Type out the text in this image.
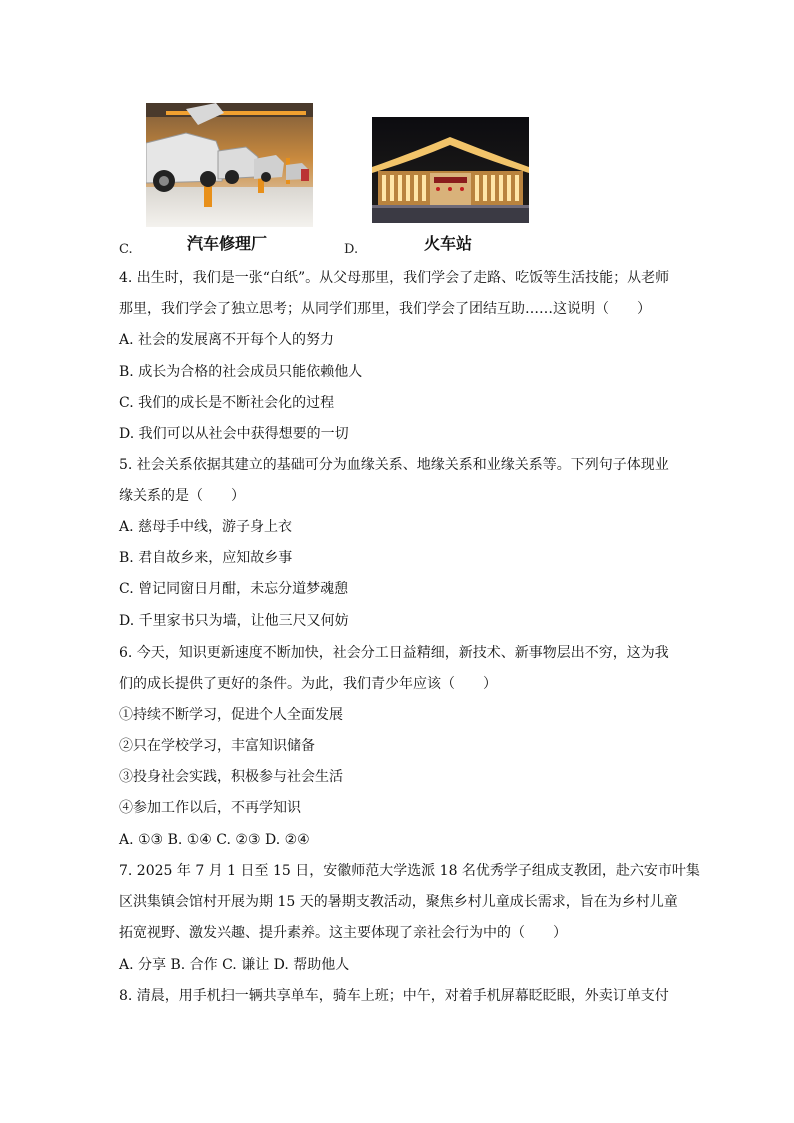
C.	汽车修理厂	D.	火车站
4. 出生时，我们是一张“白纸”。从父母那里，我们学会了走路、吃饭等生活技能；从老师
那里，我们学会了独立思考；从同学们那里，我们学会了团结互助……这说明（　　）
A. 社会的发展离不开每个人的努力
B. 成长为合格的社会成员只能依赖他人
C. 我们的成长是不断社会化的过程
D. 我们可以从社会中获得想要的一切
5. 社会关系依据其建立的基础可分为血缘关系、地缘关系和业缘关系等。下列句子体现业
缘关系的是（　　）
A. 慈母手中线，游子身上衣
B. 君自故乡来，应知故乡事
C. 曾记同窗日月酣，未忘分道梦魂憩
D. 千里家书只为墙，让他三尺又何妨
6. 今天，知识更新速度不断加快，社会分工日益精细，新技术、新事物层出不穷，这为我
们的成长提供了更好的条件。为此，我们青少年应该（　　）
①持续不断学习，促进个人全面发展
②只在学校学习，丰富知识储备
③投身社会实践，积极参与社会生活
④参加工作以后，不再学知识
A. ①③ B. ①④ C. ②③ D. ②④
7. 2025 年 7 月 1 日至 15 日，安徽师范大学选派 18 名优秀学子组成支教团，赴六安市叶集
区洪集镇会馆村开展为期 15 天的暑期支教活动，聚焦乡村儿童成长需求，旨在为乡村儿童
拓宽视野、激发兴趣、提升素养。这主要体现了亲社会行为中的（　　）
A. 分享 B. 合作 C. 谦让 D. 帮助他人
8. 清晨，用手机扫一辆共享单车，骑车上班；中午，对着手机屏幕眨眨眼，外卖订单支付
